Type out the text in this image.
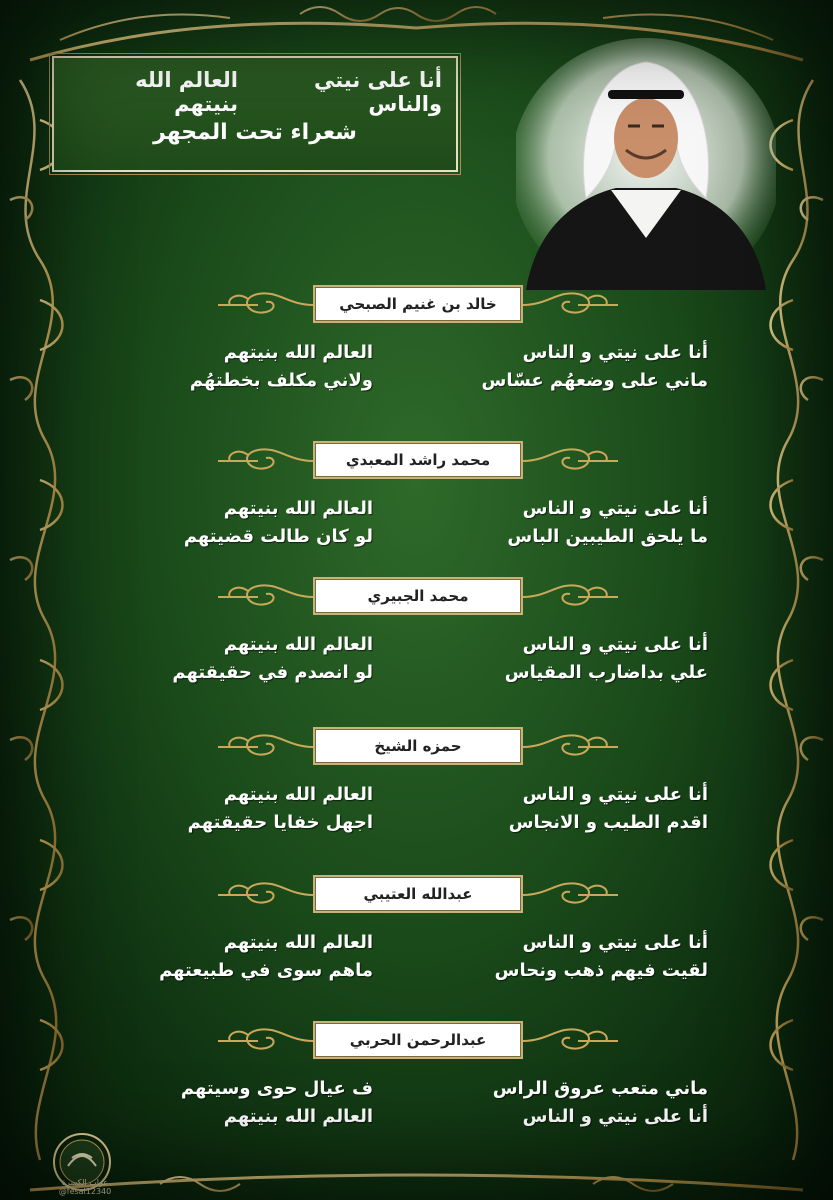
أنا على نيتي والناس
العالم الله بنيتهم
شعراء تحت المجهر
خالد بن غنيم الصبحي
أنا على نيتي و الناس
العالم الله بنيتهم
ماني على وضعهُم عسّاس
ولاني مكلف بخطتهُم
محمد راشد المعبدي
أنا على نيتي و الناس
العالم الله بنيتهم
ما يلحق الطيبين الباس
لو كان طالت قضيتهم
محمد الجبيري
أنا على نيتي و الناس
العالم الله بنيتهم
علي بداضارب المقياس
لو انصدم في حقيقتهم
حمزه الشيخ
أنا على نيتي و الناس
العالم الله بنيتهم
اقدم الطيب و الانجاس
اجهل خفايا حقيقتهم
عبدالله العتيبي
أنا على نيتي و الناس
العالم الله بنيتهم
لقيت فيهم ذهب ونحاس
ماهم سوى في طبيعتهم
عبدالرحمن الحربي
ماني متعب عروق الراس
ف عيال حوى وسيتهم
أنا على نيتي و الناس
العالم الله بنيتهم
عراب الكسرة
@fesal12340
